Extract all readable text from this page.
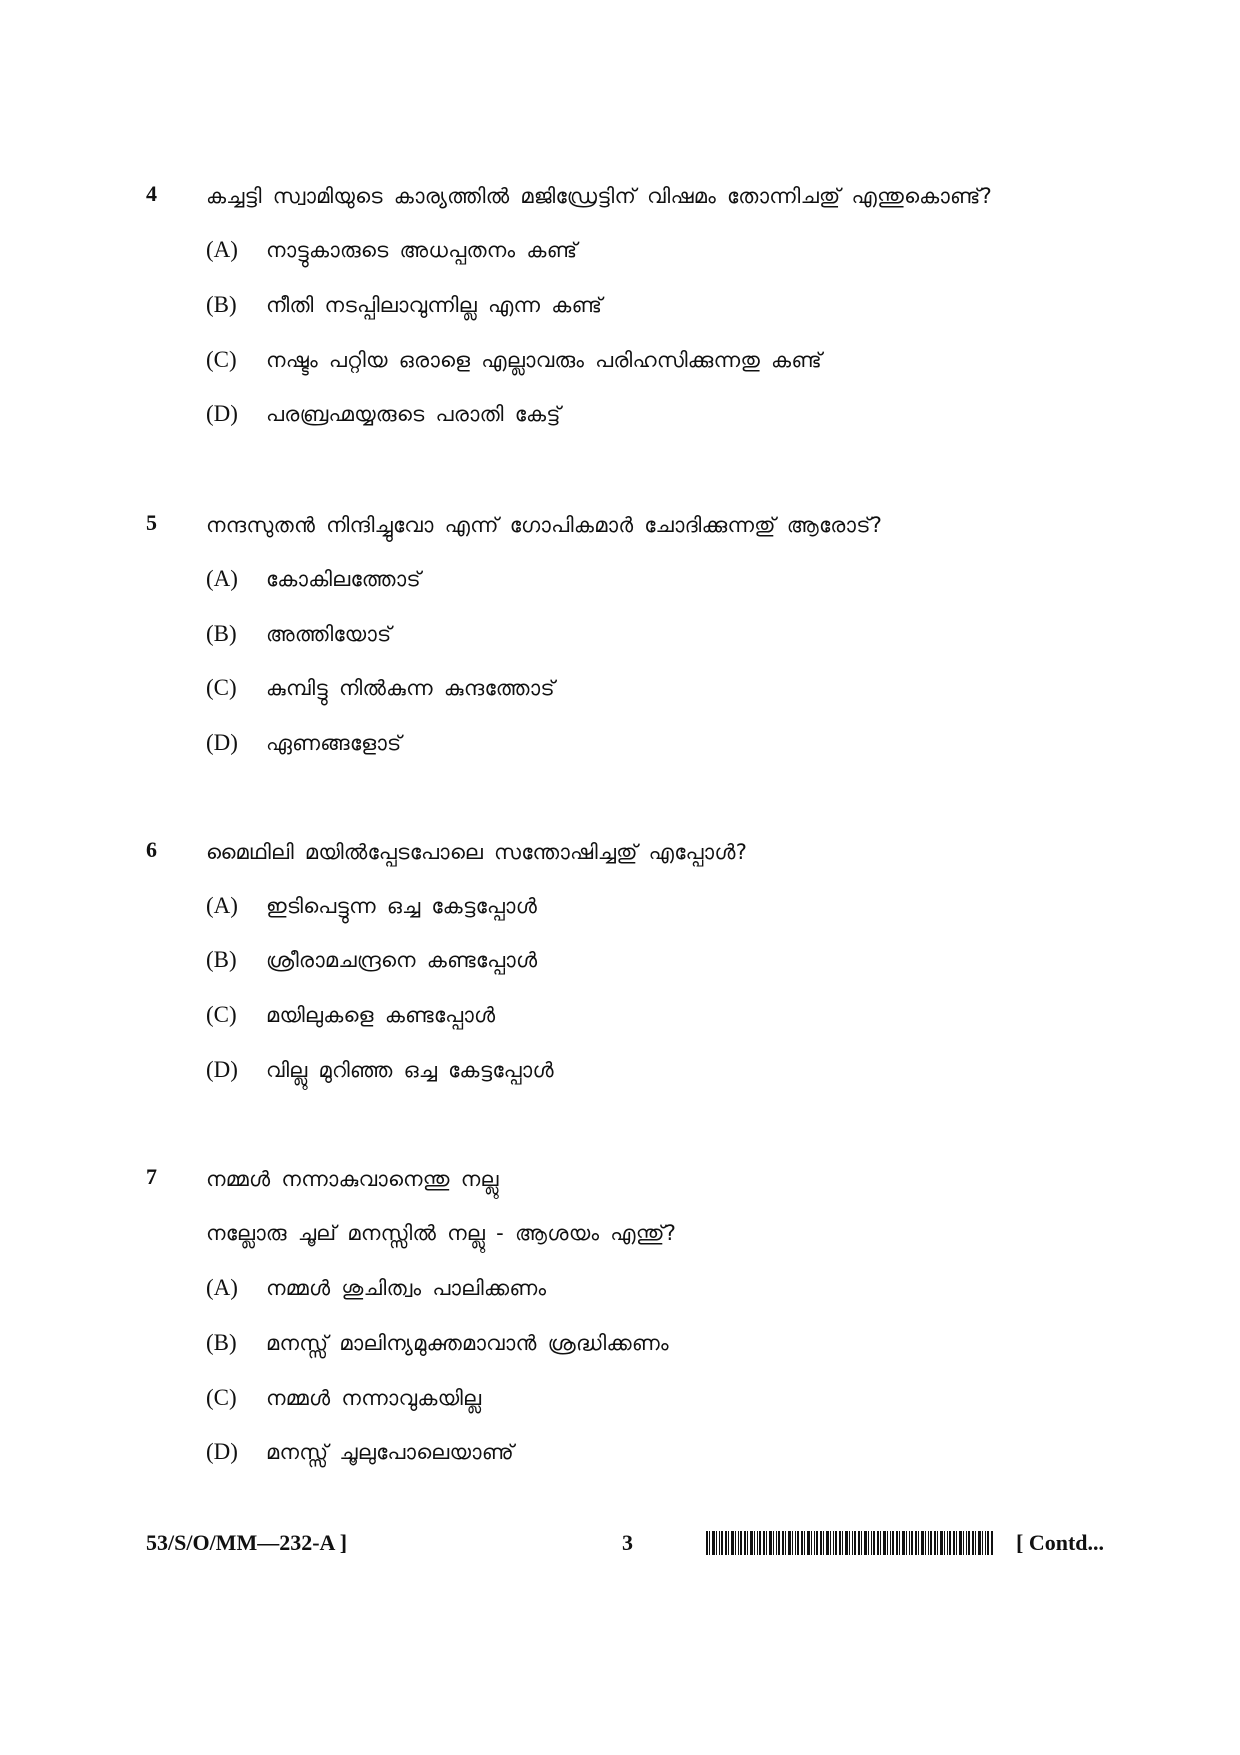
4	കച്ചട്ടി സ്വാമിയുടെ കാര്യത്തിൽ മജിഡ്രേട്ടിന് വിഷമം തോന്നിചതു് എന്തുകൊണ്ട്?
(A) നാട്ടുകാരുടെ അധപ്പതനം കണ്ട്
(B) നീതി നടപ്പിലാവുന്നില്ല എന്ന കണ്ട്
(C) നഷ്ടം പറ്റിയ ഒരാളെ എല്ലാവരും പരിഹസിക്കുന്നതു കണ്ട്
(D) പരബ്രഹ്മയ്യരുടെ പരാതി കേട്ട്
5	നന്ദസുതൻ നിന്ദിച്ചുവോ എന്ന് ഗോപികമാർ ചോദിക്കുന്നതു് ആരോട്?
(A) കോകിലത്തോട്
(B) അത്തിയോട്
(C) കുമ്പിട്ടു നിൽകുന്ന കുന്ദത്തോട്
(D) ഏണങ്ങളോട്
6	മൈഥിലി മയിൽപ്പേടപോലെ സന്തോഷിച്ചതു് എപ്പോൾ?
(A) ഇടിപെട്ടുന്ന ഒച്ച കേട്ടപ്പോൾ
(B) ശ്രീരാമചന്ദ്രനെ കണ്ടപ്പോൾ
(C) മയിലുകളെ കണ്ടപ്പോൾ
(D) വില്ലു മുറിഞ്ഞ ഒച്ച കേട്ടപ്പോൾ
7	നമ്മൾ നന്നാകുവാനെന്തു നല്ലു
നല്ലോരു ചൂല് മനസ്സിൽ നല്ലു - ആശയം എന്തു്?
(A) നമ്മൾ ശുചിത്വം പാലിക്കണം
(B) മനസ്സ് മാലിന്യമുക്തമാവാൻ ശ്രദ്ധിക്കണം
(C) നമ്മൾ നന്നാവുകയില്ല
(D) മനസ്സ് ചൂലുപോലെയാണു്
53/S/O/MM—232-A ]	3	[ Contd...
